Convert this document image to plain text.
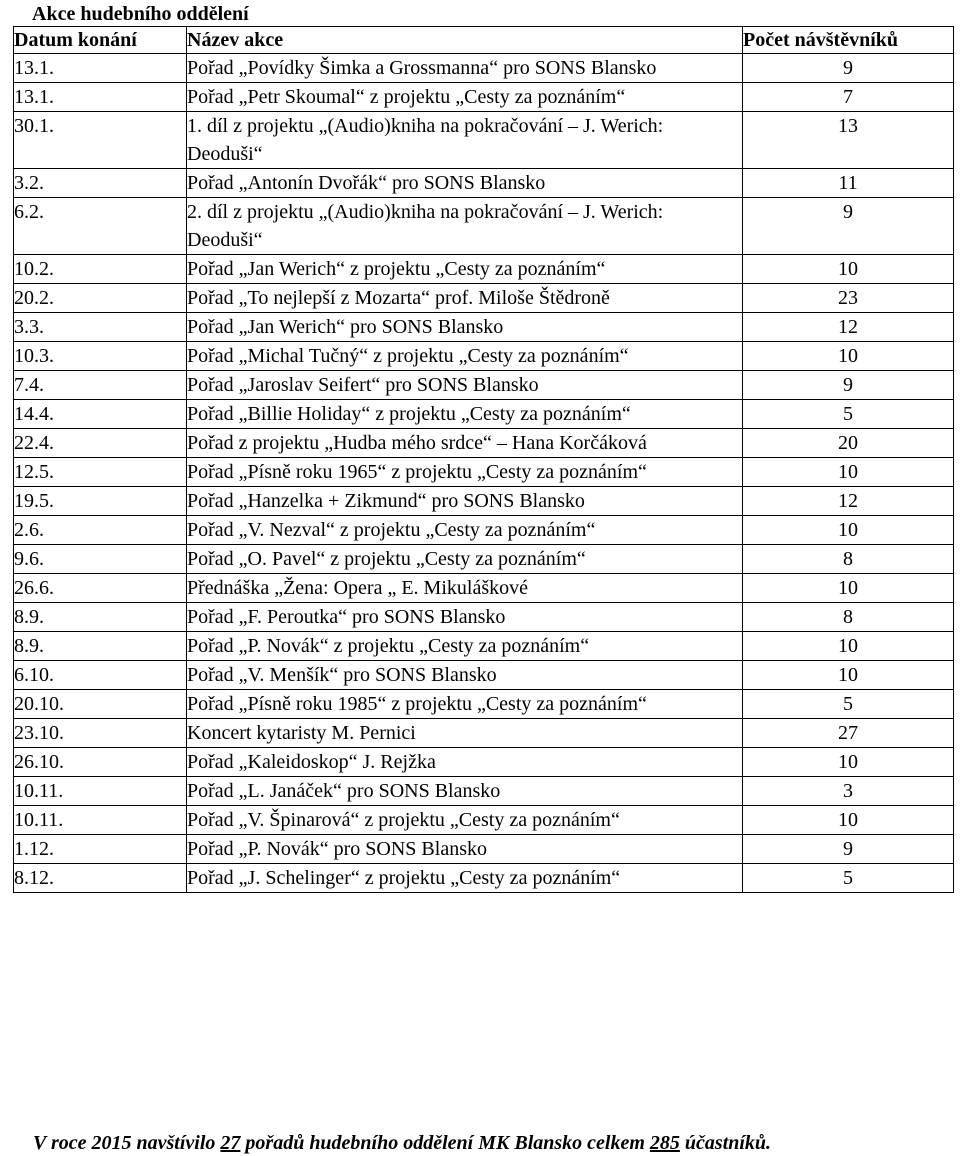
Akce hudebního oddělení
Datum konání	Název akce	Počet návštěvníků
13.1.	Pořad „Povídky Šimka a Grossmanna“ pro SONS Blansko	9
13.1.	Pořad „Petr Skoumal“ z projektu „Cesty za poznáním“	7
30.1.	1. díl z projektu „(Audio)kniha na pokračování – J. Werich: Deoduši“	13
3.2.	Pořad „Antonín Dvořák“ pro SONS Blansko	11
6.2.	2. díl z projektu „(Audio)kniha na pokračování – J. Werich: Deoduši“	9
10.2.	Pořad „Jan Werich“ z projektu „Cesty za poznáním“	10
20.2.	Pořad „To nejlepší z Mozarta“ prof. Miloše Štědroně	23
3.3.	Pořad „Jan Werich“ pro SONS Blansko	12
10.3.	Pořad „Michal Tučný“ z projektu „Cesty za poznáním“	10
7.4.	Pořad „Jaroslav Seifert“ pro SONS Blansko	9
14.4.	Pořad „Billie Holiday“ z projektu „Cesty za poznáním“	5
22.4.	Pořad z projektu „Hudba mého srdce“ – Hana Korčáková	20
12.5.	Pořad „Písně roku 1965“ z projektu „Cesty za poznáním“	10
19.5.	Pořad „Hanzelka + Zikmund“ pro SONS Blansko	12
2.6.	Pořad „V. Nezval“ z projektu „Cesty za poznáním“	10
9.6.	Pořad „O. Pavel“ z projektu „Cesty za poznáním“	8
26.6.	Přednáška „Žena: Opera „ E. Mikuláškové	10
8.9.	Pořad „F. Peroutka“ pro SONS Blansko	8
8.9.	Pořad „P. Novák“ z projektu „Cesty za poznáním“	10
6.10.	Pořad „V. Menšík“ pro SONS Blansko	10
20.10.	Pořad „Písně roku 1985“ z projektu „Cesty za poznáním“	5
23.10.	Koncert kytaristy M. Pernici	27
26.10.	Pořad „Kaleidoskop“ J. Rejžka	10
10.11.	Pořad „L. Janáček“ pro SONS Blansko	3
10.11.	Pořad „V. Špinarová“ z projektu „Cesty za poznáním“	10
1.12.	Pořad „P. Novák“ pro SONS Blansko	9
8.12.	Pořad „J. Schelinger“ z projektu „Cesty za poznáním“	5
V roce 2015 navštívilo 27 pořadů hudebního oddělení MK Blansko celkem 285 účastníků.
